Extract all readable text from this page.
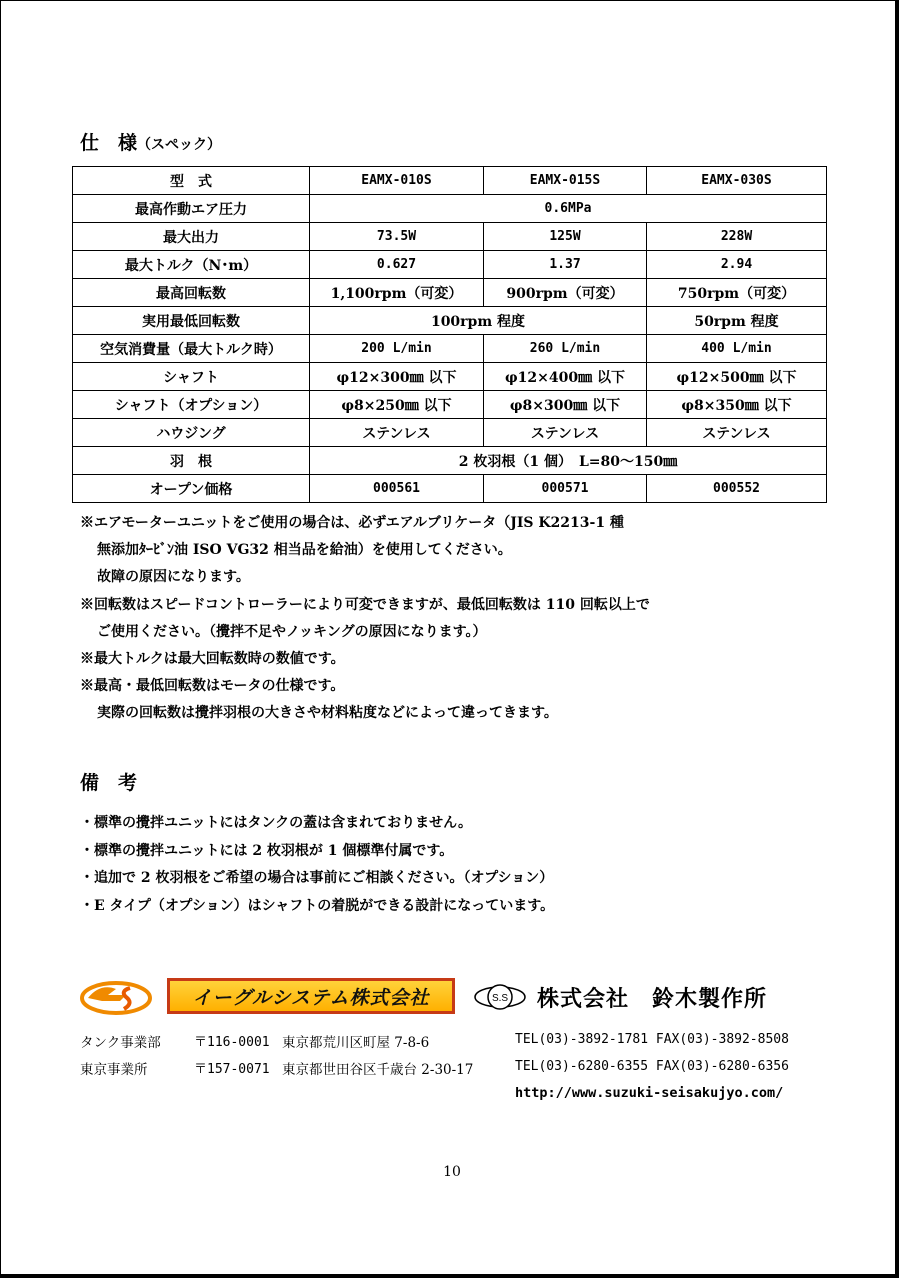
仕　様（スペック）
型　式	EAMX-010S	EAMX-015S	EAMX-030S
最高作動エア圧力	0.6MPa		
最大出力	73.5W	125W	228W
最大トルク（N･m）	0.627	1.37	2.94
最高回転数	1,100rpm（可変）	900rpm（可変）	750rpm（可変）
実用最低回転数	100rpm 程度		50rpm 程度
空気消費量（最大トルク時）	200 L/min	260 L/min	400 L/min
シャフト	φ12×300㎜ 以下	φ12×400㎜ 以下	φ12×500㎜ 以下
シャフト（オプション）	φ8×250㎜ 以下	φ8×300㎜ 以下	φ8×350㎜ 以下
ハウジング	ステンレス	ステンレス	ステンレス
羽　根	2 枚羽根（1 個）　L=80～150㎜		
オープン価格	000561	000571	000552
※エアモーターユニットをご使用の場合は、必ずエアルブリケータ（JIS K2213-1 種
無添加ﾀｰﾋﾞﾝ油 ISO VG32 相当品を給油）を使用してください。
故障の原因になります。
※回転数はスピードコントローラーにより可変できますが、最低回転数は 110 回転以上で
ご使用ください。（攪拌不足やノッキングの原因になります。）
※最大トルクは最大回転数時の数値です。
※最高・最低回転数はモータの仕様です。
実際の回転数は攪拌羽根の大きさや材料粘度などによって違ってきます。
備　考
・標準の攪拌ユニットにはタンクの蓋は含まれておりません。
・標準の攪拌ユニットには 2 枚羽根が 1 個標準付属です。
・追加で 2 枚羽根をご希望の場合は事前にご相談ください。（オプション）
・E タイプ（オプション）はシャフトの着脱ができる設計になっています。
イーグルシステム株式会社	S.S 株式会社　鈴木製作所
タンク事業部	〒116-0001 東京都荒川区町屋 7-8-6	TEL(03)-3892-1781 FAX(03)-3892-8508
東京事業所	〒157-0071 東京都世田谷区千歳台 2-30-17	TEL(03)-6280-6355 FAX(03)-6280-6356
http://www.suzuki-seisakujyo.com/
10
